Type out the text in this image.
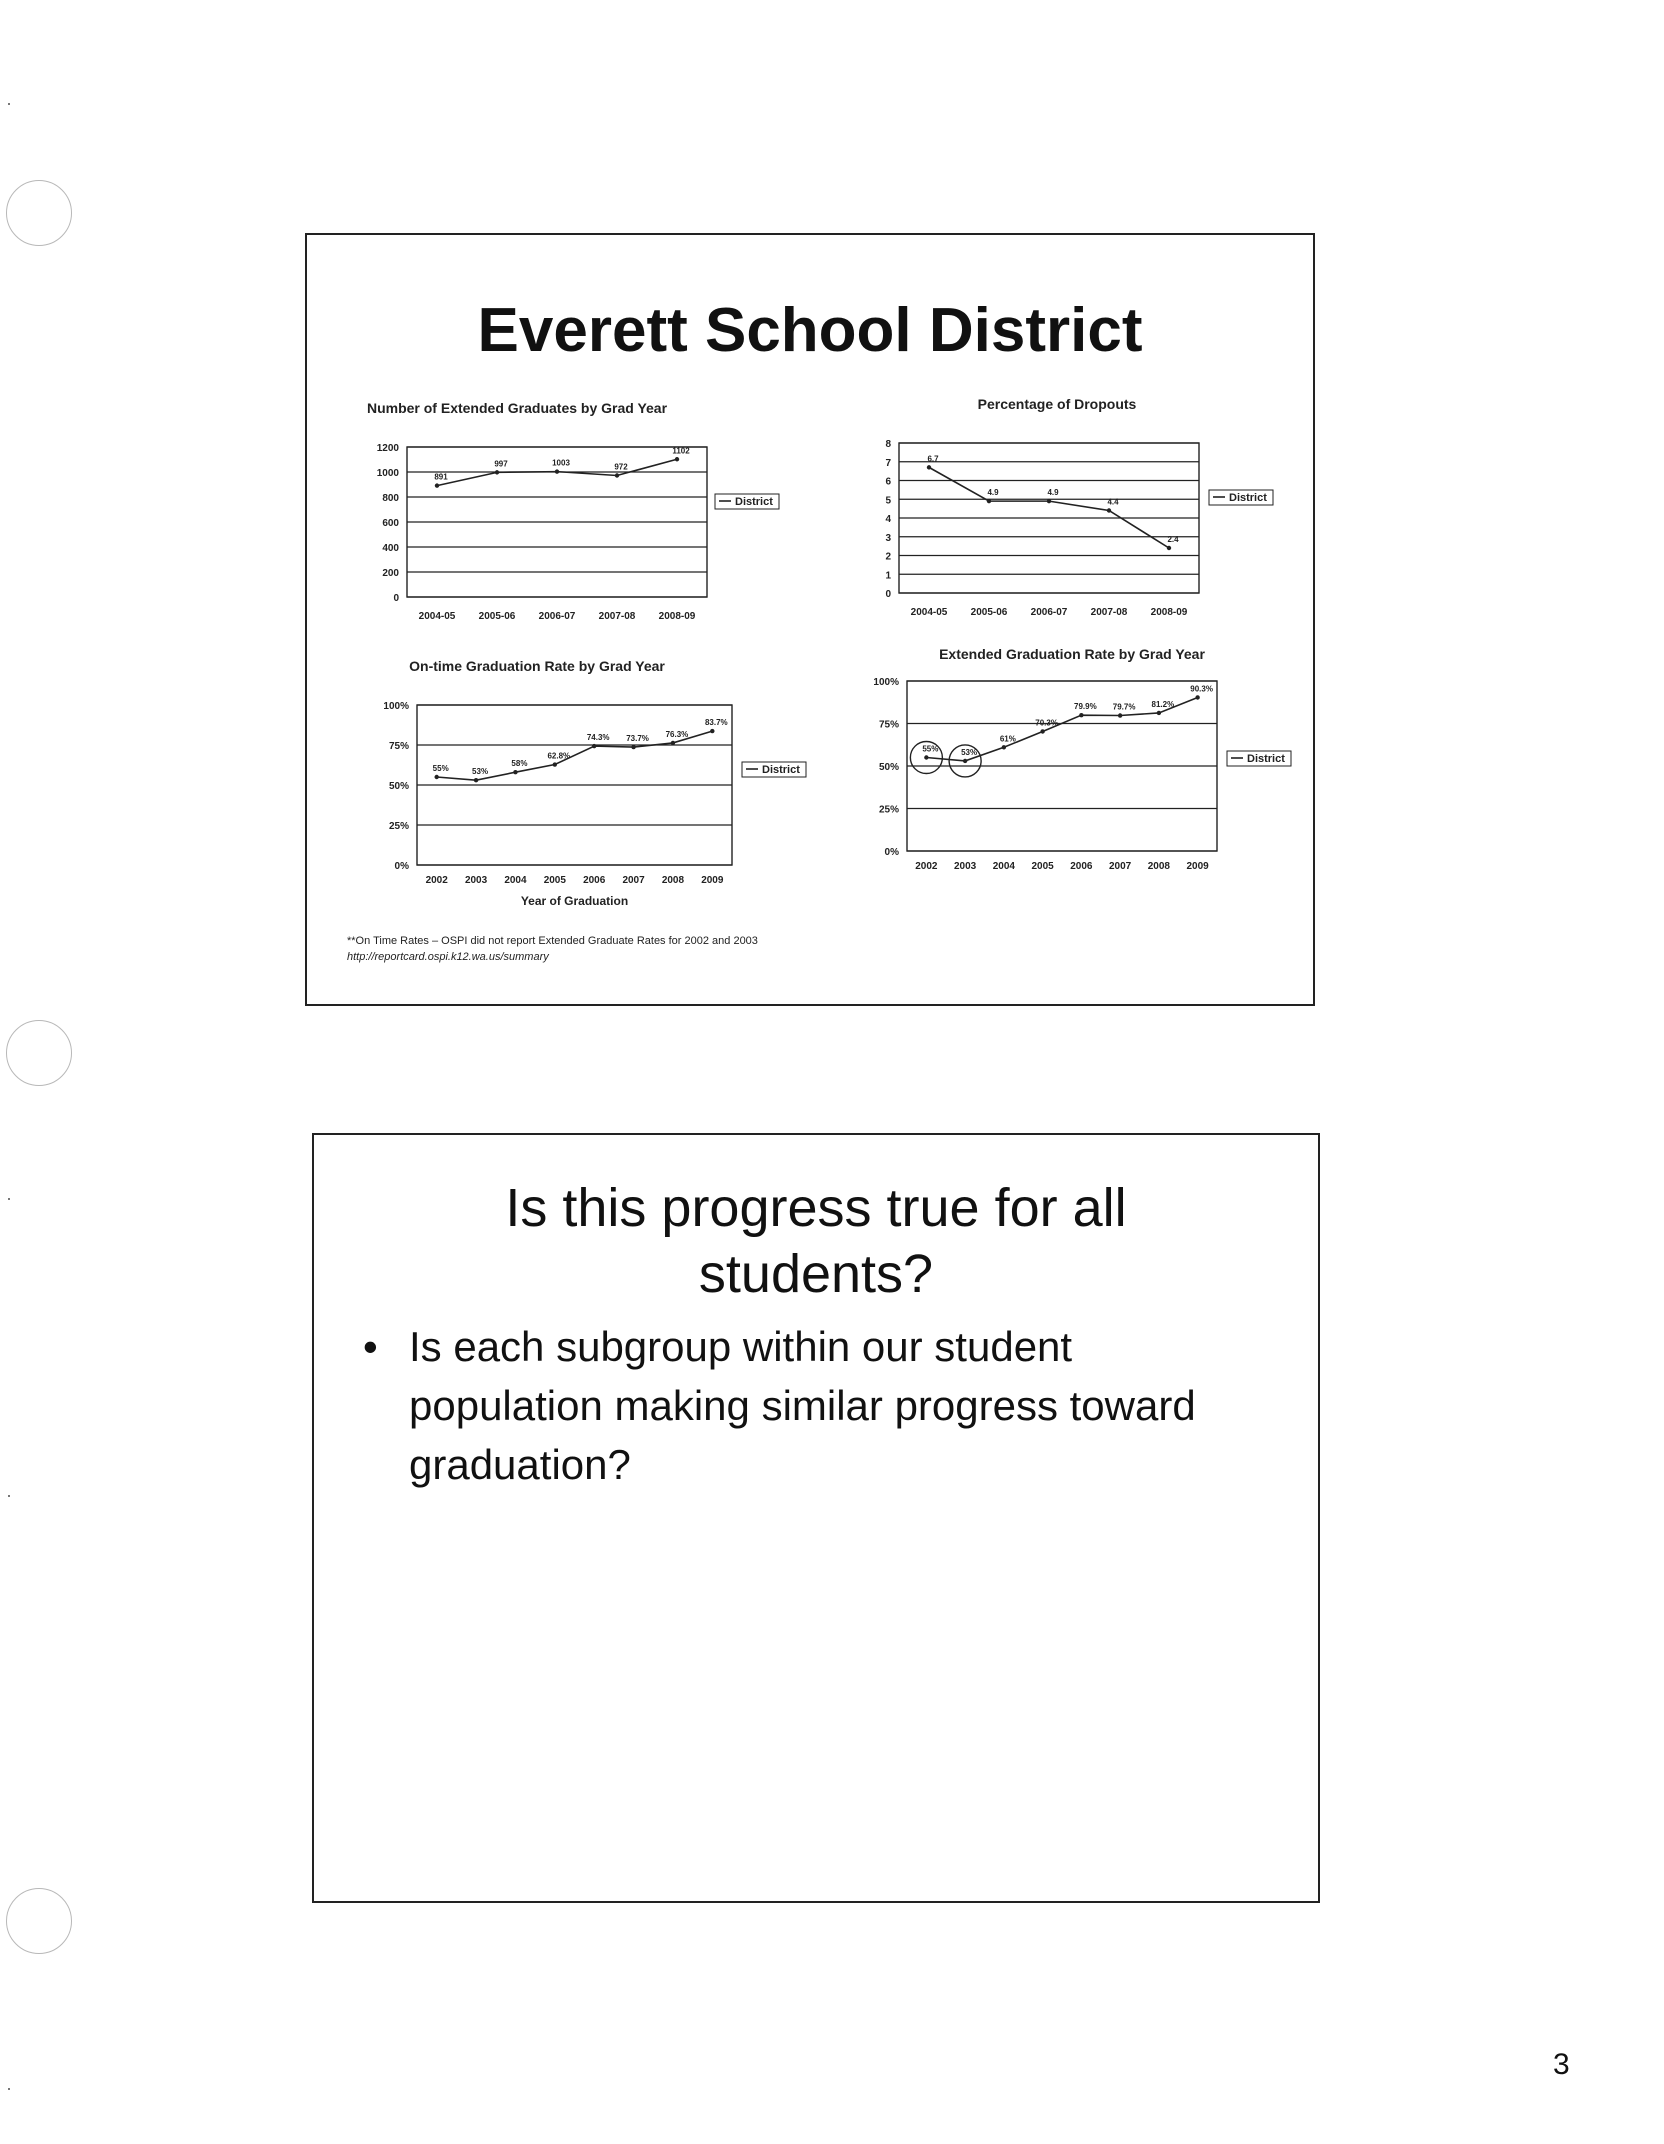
Everett School District
Number of Extended Graduates by Grad Year
0
200
400
600
800
1000
1200
2004-05 2005-06 2006-07 2007-08 2008-09
891
997	1003	972
1102
District
Percentage of Dropouts
0
1
2
3
4
5
6
7
8
2004-05 2005-06 2006-07 2007-08 2008-09
6.7
4.9	4.9
4.4
2.4
District
On-time Graduation Rate by Grad Year
0%
25%
50%
75%
100%
2002 2003 2004 2005 2006 2007 2008 2009
Year of Graduation
55%	53%
58%
62.8%
74.3% 73.7% 76.3%
83.7%
District
Extended Graduation Rate by Grad Year
0%
25%
50%
75%
100%
2002 2003 2004 2005 2006 2007 2008 2009
55%	53%
61%
70.3%
79.9% 79.7% 81.2%
90.3%
District
**On Time Rates – OSPI did not report Extended Graduate Rates for 2002 and 2003
http://reportcard.ospi.k12.wa.us/summary
Is this progress true for all
students?
• Is each subgroup within our student
population making similar progress toward
graduation?
3
